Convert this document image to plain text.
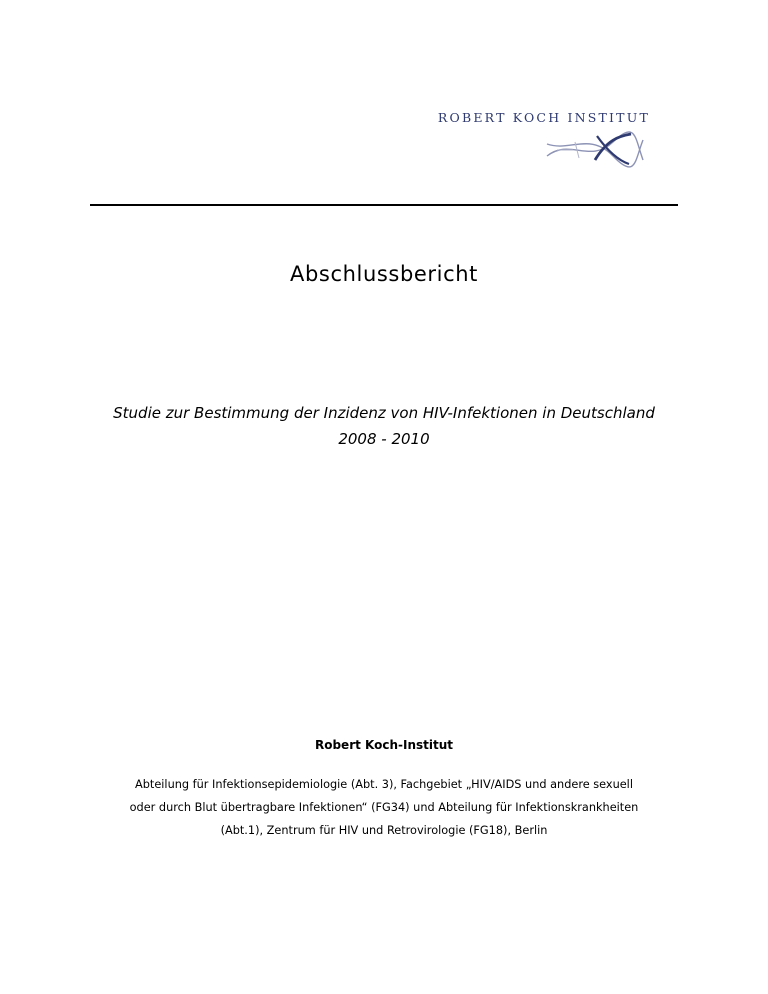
ROBERT KOCH INSTITUT
Abschlussbericht
Studie zur Bestimmung der Inzidenz von HIV-Infektionen in Deutschland
2008 - 2010
Robert Koch-Institut
Abteilung für Infektionsepidemiologie (Abt. 3), Fachgebiet „HIV/AIDS und andere sexuell
oder durch Blut übertragbare Infektionen“ (FG34) und Abteilung für Infektionskrankheiten
(Abt.1), Zentrum für HIV und Retrovirologie (FG18), Berlin
